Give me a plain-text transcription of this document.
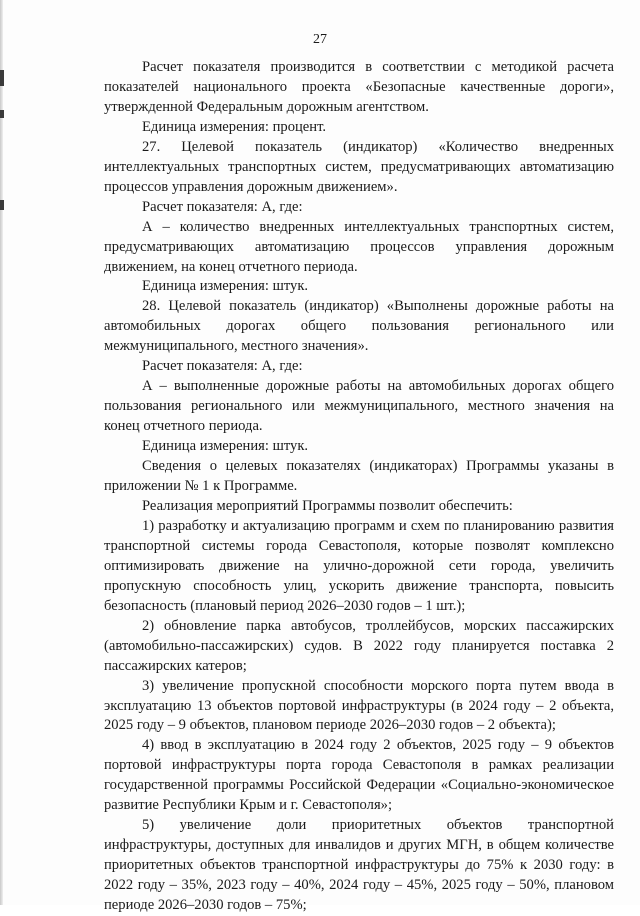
27

Расчет показателя производится в соответствии с методикой расчета показателей национального проекта «Безопасные качественные дороги», утвержденной Федеральным дорожным агентством.

Единица измерения: процент.

27. Целевой показатель (индикатор) «Количество внедренных интеллектуальных транспортных систем, предусматривающих автоматизацию процессов управления дорожным движением».

Расчет показателя: А, где:

А – количество внедренных интеллектуальных транспортных систем, предусматривающих автоматизацию процессов управления дорожным движением, на конец отчетного периода.

Единица измерения: штук.

28. Целевой показатель (индикатор) «Выполнены дорожные работы на автомобильных дорогах общего пользования регионального или межмуниципального, местного значения».

Расчет показателя: А, где:

А – выполненные дорожные работы на автомобильных дорогах общего пользования регионального или межмуниципального, местного значения на конец отчетного периода.

Единица измерения: штук.

Сведения о целевых показателях (индикаторах) Программы указаны в приложении № 1 к Программе.

Реализация мероприятий Программы позволит обеспечить:

1) разработку и актуализацию программ и схем по планированию развития транспортной системы города Севастополя, которые позволят комплексно оптимизировать движение на улично-дорожной сети города, увеличить пропускную способность улиц, ускорить движение транспорта, повысить безопасность (плановый период 2026–2030 годов – 1 шт.);

2) обновление парка автобусов, троллейбусов, морских пассажирских (автомобильно-пассажирских) судов. В 2022 году планируется поставка 2 пассажирских катеров;

3) увеличение пропускной способности морского порта путем ввода в эксплуатацию 13 объектов портовой инфраструктуры (в 2024 году – 2 объекта, 2025 году – 9 объектов, плановом периоде 2026–2030 годов – 2 объекта);

4) ввод в эксплуатацию в 2024 году 2 объектов, 2025 году – 9 объектов портовой инфраструктуры порта города Севастополя в рамках реализации государственной программы Российской Федерации «Социально-экономическое развитие Республики Крым и г. Севастополя»;

5) увеличение доли приоритетных объектов транспортной инфраструктуры, доступных для инвалидов и других МГН, в общем количестве приоритетных объектов транспортной инфраструктуры до 75% к 2030 году: в 2022 году – 35%, 2023 году – 40%, 2024 году – 45%, 2025 году – 50%, плановом периоде 2026–2030 годов – 75%;
